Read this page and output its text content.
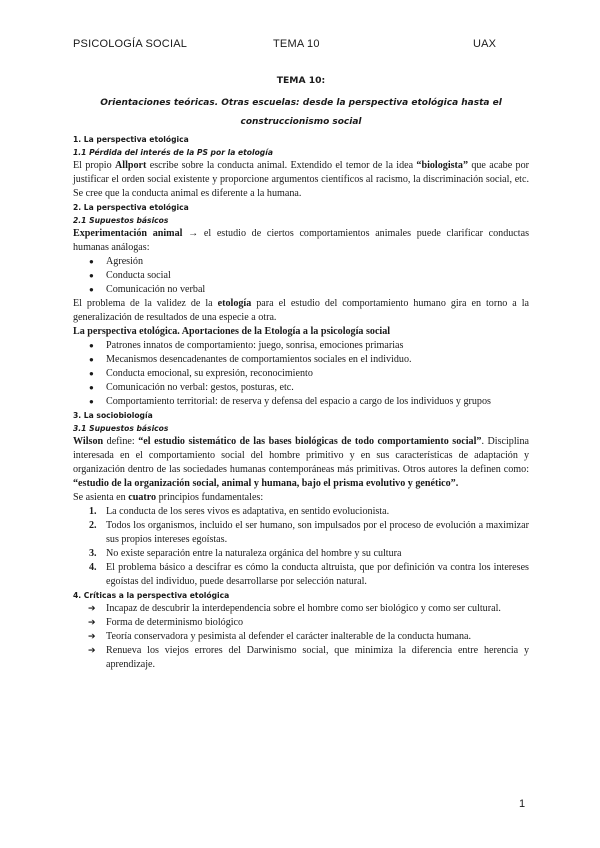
PSICOLOGÍA SOCIAL	TEMA 10	UAX
TEMA 10:
Orientaciones teóricas. Otras escuelas: desde la perspectiva etológica hasta el
construccionismo social
1. La perspectiva etológica
1.1 Pérdida del interés de la PS por la etología

El propio Allport escribe sobre la conducta animal. Extendido el temor de la idea “biologista” que acabe por justificar el orden social existente y proporcione argumentos científicos al racismo, la discriminación social, etc. Se cree que la conducta animal es diferente a la humana.

2. La perspectiva etológica
2.1 Supuestos básicos

Experimentación animal → el estudio de ciertos comportamientos animales puede clarificar conductas humanas análogas:

● Agresión
● Conducta social
● Comunicación no verbal

El problema de la validez de la etología para el estudio del comportamiento humano gira en torno a la generalización de resultados de una especie a otra.

La perspectiva etológica. Aportaciones de la Etología a la psicología social

● Patrones innatos de comportamiento: juego, sonrisa, emociones primarias
● Mecanismos desencadenantes de comportamientos sociales en el individuo.
● Conducta emocional, su expresión, reconocimiento
● Comunicación no verbal: gestos, posturas, etc.
● Comportamiento territorial: de reserva y defensa del espacio a cargo de los individuos y grupos
3. La sociobiología
3.1 Supuestos básicos

Wilson define: “el estudio sistemático de las bases biológicas de todo comportamiento social”. Disciplina interesada en el comportamiento social del hombre primitivo y en sus características de adaptación y organización dentro de las sociedades humanas contemporáneas más primitivas. Otros autores la definen como: “estudio de la organización social, animal y humana, bajo el prisma evolutivo y genético”.

Se asienta en cuatro principios fundamentales:

1. La conducta de los seres vivos es adaptativa, en sentido evolucionista.
2. Todos los organismos, incluido el ser humano, son impulsados por el proceso de evolución a maximizar sus propios intereses egoístas.
3. No existe separación entre la naturaleza orgánica del hombre y su cultura
4. El problema básico a descifrar es cómo la conducta altruista, que por definición va contra los intereses egoístas del individuo, puede desarrollarse por selección natural.
4. Críticas a la perspectiva etológica
➔ Incapaz de descubrir la interdependencia sobre el hombre como ser biológico y como ser cultural.
➔ Forma de determinismo biológico
➔ Teoría conservadora y pesimista al defender el carácter inalterable de la conducta humana.
➔ Renueva los viejos errores del Darwinismo social, que minimiza la diferencia entre herencia y aprendizaje.
1
